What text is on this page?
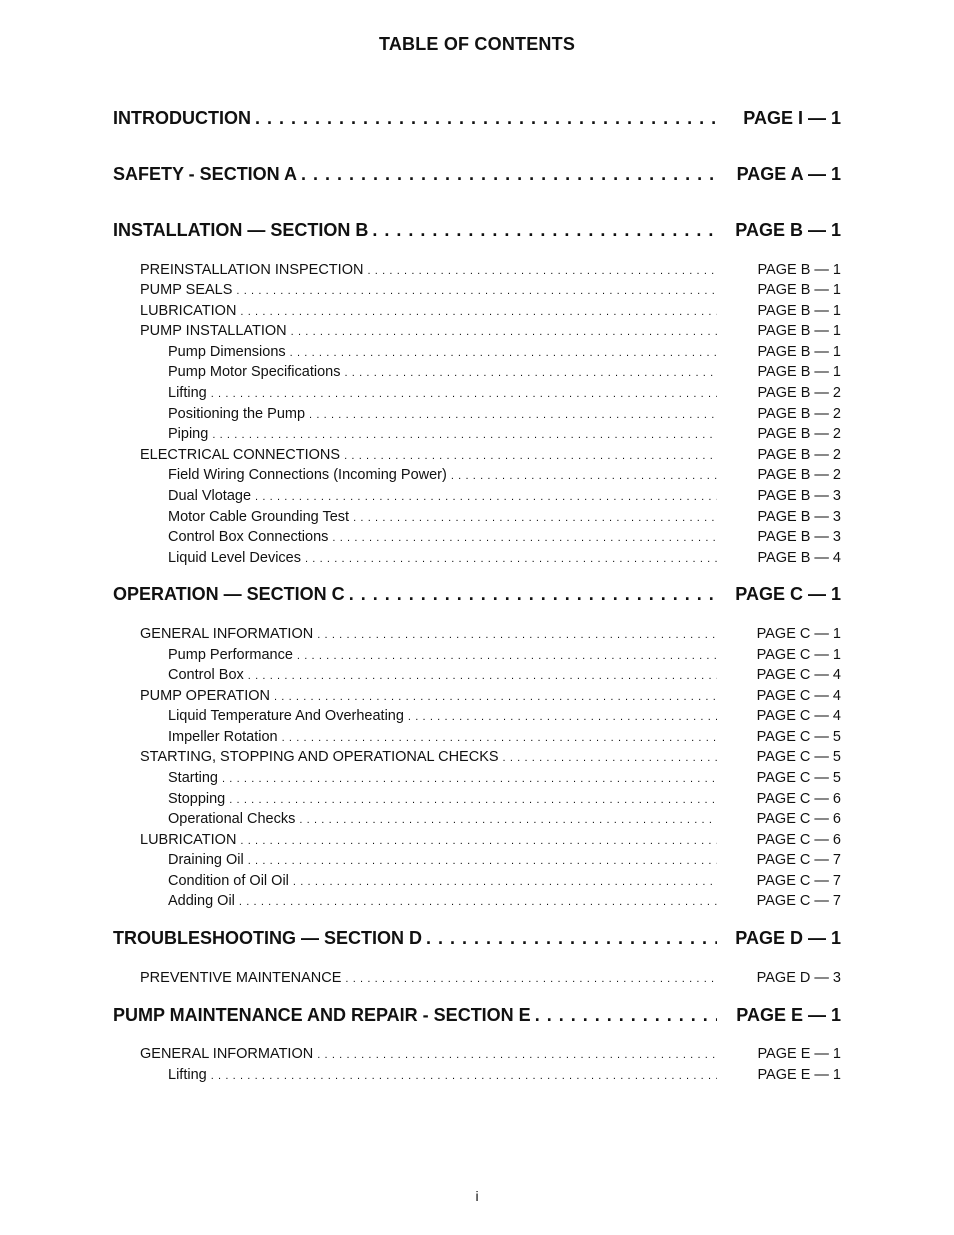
TABLE OF CONTENTS
INTRODUCTION . . .	PAGE I — 1
SAFETY - SECTION A . . .	PAGE A — 1
INSTALLATION — SECTION B . . .	PAGE B — 1
PREINSTALLATION INSPECTION . . .	PAGE B — 1
PUMP SEALS . . .	PAGE B — 1
LUBRICATION . . .	PAGE B — 1
PUMP INSTALLATION . . .	PAGE B — 1
Pump Dimensions . . .	PAGE B — 1
Pump Motor Specifications . . .	PAGE B — 1
Lifting . . .	PAGE B — 2
Positioning the Pump . . .	PAGE B — 2
Piping . . .	PAGE B — 2
ELECTRICAL CONNECTIONS . . .	PAGE B — 2
Field Wiring Connections (Incoming Power) . . .	PAGE B — 2
Dual Vlotage . . .	PAGE B — 3
Motor Cable Grounding Test . . .	PAGE B — 3
Control Box Connections . . .	PAGE B — 3
Liquid Level Devices . . .	PAGE B — 4
OPERATION — SECTION C . . .	PAGE C — 1
GENERAL INFORMATION . . .	PAGE C — 1
Pump Performance . . .	PAGE C — 1
Control Box . . .	PAGE C — 4
PUMP OPERATION . . .	PAGE C — 4
Liquid Temperature And Overheating . . .	PAGE C — 4
Impeller Rotation . . .	PAGE C — 5
STARTING, STOPPING AND OPERATIONAL CHECKS . . .	PAGE C — 5
Starting . . .	PAGE C — 5
Stopping . . .	PAGE C — 6
Operational Checks . . .	PAGE C — 6
LUBRICATION . . .	PAGE C — 6
Draining Oil . . .	PAGE C — 7
Condition of Oil Oil . . .	PAGE C — 7
Adding Oil . . .	PAGE C — 7
TROUBLESHOOTING — SECTION D . . .	PAGE D — 1
PREVENTIVE MAINTENANCE . . .	PAGE D — 3
PUMP MAINTENANCE AND REPAIR - SECTION E . . .	PAGE E — 1
GENERAL INFORMATION . . .	PAGE E — 1
Lifting . . .	PAGE E — 1
i
